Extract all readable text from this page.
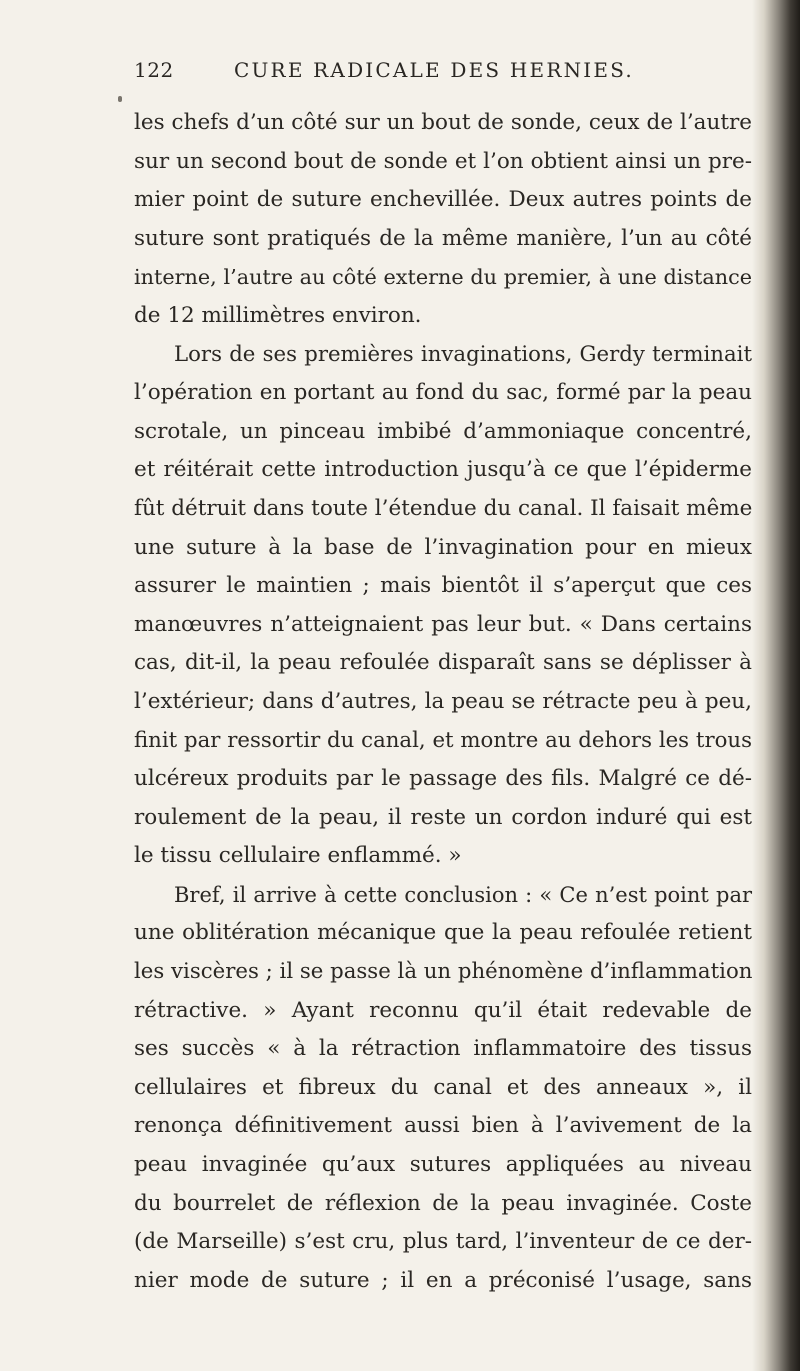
122	CURE RADICALE DES HERNIES.
les chefs d’un côté sur un bout de sonde, ceux de l’autre
sur un second bout de sonde et l’on obtient ainsi un pre-
mier point de suture enchevillée. Deux autres points de
suture sont pratiqués de la même manière, l’un au côté
interne, l’autre au côté externe du premier, à une distance
de 12 millimètres environ.
Lors de ses premières invaginations, Gerdy terminait
l’opération en portant au fond du sac, formé par la peau
scrotale, un pinceau imbibé d’ammoniaque concentré,
et réitérait cette introduction jusqu’à ce que l’épiderme
fût détruit dans toute l’étendue du canal. Il faisait même
une suture à la base de l’invagination pour en mieux
assurer le maintien ; mais bientôt il s’aperçut que ces
manœuvres n’atteignaient pas leur but. « Dans certains
cas, dit-il, la peau refoulée disparaît sans se déplisser à
l’extérieur; dans d’autres, la peau se rétracte peu à peu,
finit par ressortir du canal, et montre au dehors les trous
ulcéreux produits par le passage des fils. Malgré ce dé-
roulement de la peau, il reste un cordon induré qui est
le tissu cellulaire enflammé. »
Bref, il arrive à cette conclusion : « Ce n’est point par
une oblitération mécanique que la peau refoulée retient
les viscères ; il se passe là un phénomène d’inflammation
rétractive. » Ayant reconnu qu’il était redevable de
ses succès « à la rétraction inflammatoire des tissus
cellulaires et fibreux du canal et des anneaux », il
renonça définitivement aussi bien à l’avivement de la
peau invaginée qu’aux sutures appliquées au niveau
du bourrelet de réflexion de la peau invaginée. Coste
(de Marseille) s’est cru, plus tard, l’inventeur de ce der-
nier mode de suture ; il en a préconisé l’usage, sans
